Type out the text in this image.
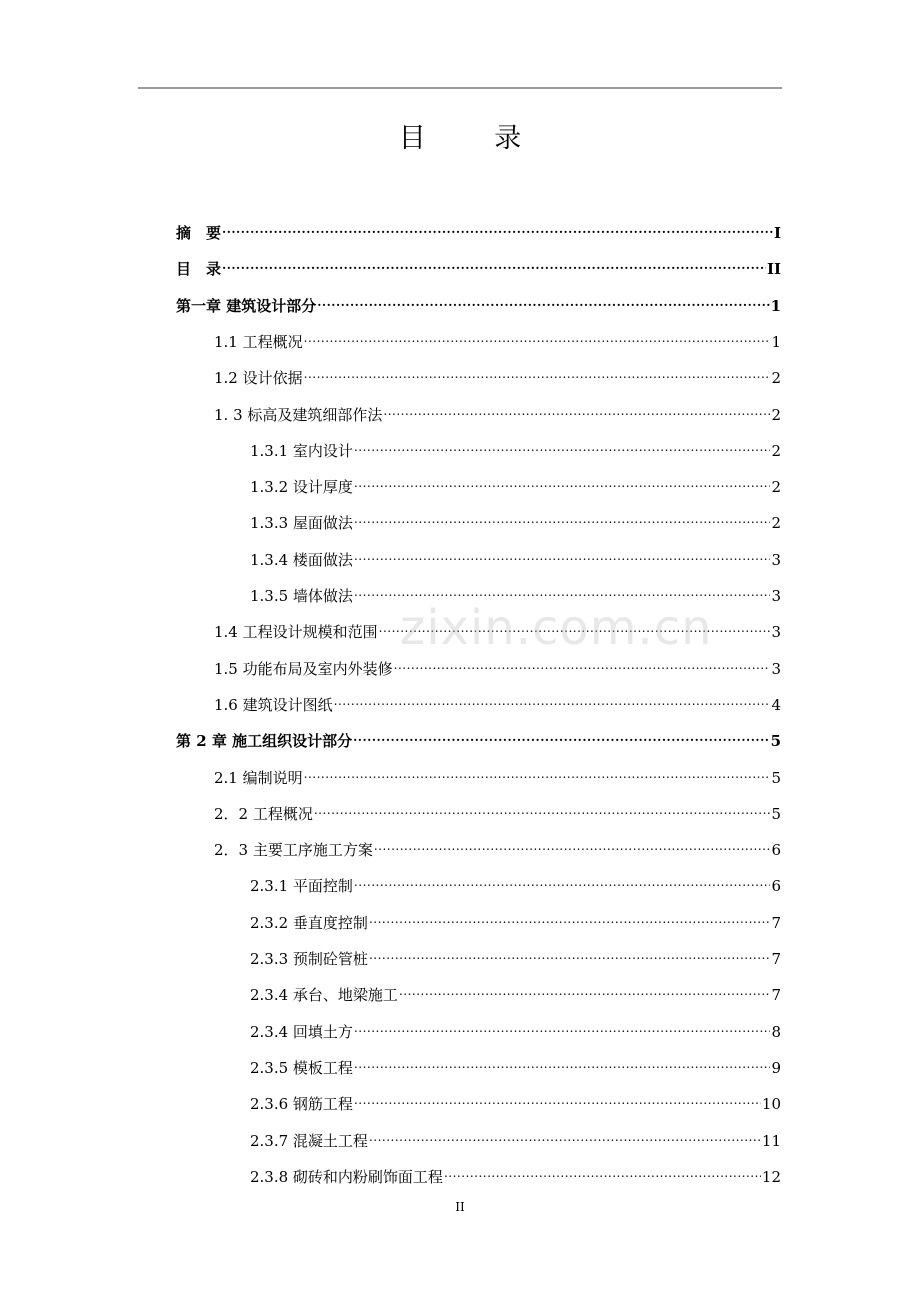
目 录
摘　要 .....	I
目　录 .....	II
第一章 建筑设计部分 .....	1
1.1 工程概况 .....	1
1.2 设计依据 .....	2
1. 3 标高及建筑细部作法 .....	2
1.3.1 室内设计 .....	2
1.3.2 设计厚度 .....	2
1.3.3 屋面做法 .....	2
1.3.4 楼面做法 .....	3
1.3.5 墙体做法 .....	3
1.4 工程设计规模和范围 .....	3
1.5 功能布局及室内外装修 .....	3
1.6 建筑设计图纸 .....	4
第 2 章 施工组织设计部分 .....	5
2.1 编制说明 .....	5
2．2 工程概况 .....	5
2．3 主要工序施工方案 .....	6
2.3.1 平面控制 .....	6
2.3.2 垂直度控制 .....	7
2.3.3 预制砼管桩 .....	7
2.3.4 承台、地梁施工 .....	7
2.3.4 回填土方 .....	8
2.3.5 模板工程 .....	9
2.3.6 钢筋工程 .....	10
2.3.7 混凝土工程 .....	11
2.3.8 砌砖和内粉刷饰面工程 .....	12
zixin.com.cn
II
